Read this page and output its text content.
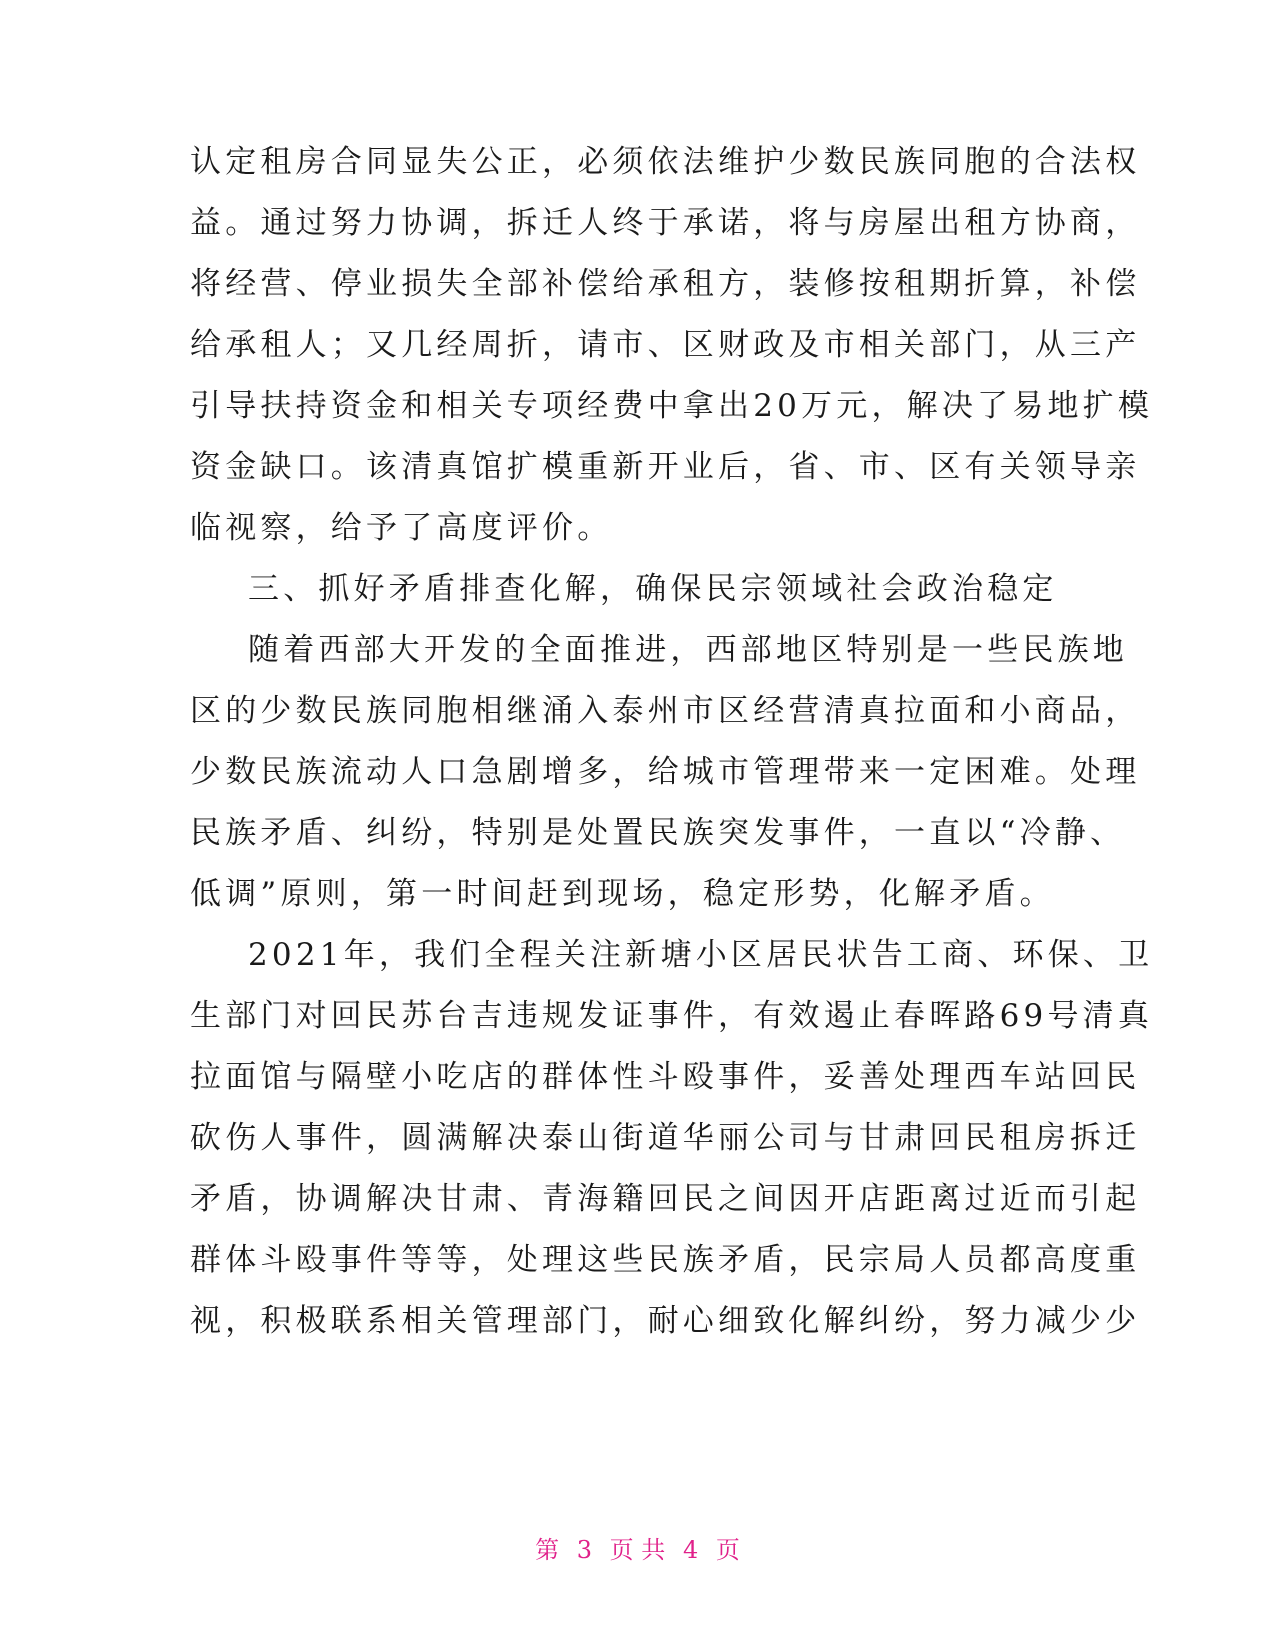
认定租房合同显失公正，必须依法维护少数民族同胞的合法权
益。通过努力协调，拆迁人终于承诺，将与房屋出租方协商，
将经营、停业损失全部补偿给承租方，装修按租期折算，补偿
给承租人；又几经周折，请市、区财政及市相关部门，从三产
引导扶持资金和相关专项经费中拿出20万元，解决了易地扩模
资金缺口。该清真馆扩模重新开业后，省、市、区有关领导亲
临视察，给予了高度评价。
三、抓好矛盾排查化解，确保民宗领域社会政治稳定
随着西部大开发的全面推进，西部地区特别是一些民族地
区的少数民族同胞相继涌入泰州市区经营清真拉面和小商品，
少数民族流动人口急剧增多，给城市管理带来一定困难。处理
民族矛盾、纠纷，特别是处置民族突发事件，一直以“冷静、
低调”原则，第一时间赶到现场，稳定形势，化解矛盾。
2021年，我们全程关注新塘小区居民状告工商、环保、卫
生部门对回民苏台吉违规发证事件，有效遏止春晖路69号清真
拉面馆与隔壁小吃店的群体性斗殴事件，妥善处理西车站回民
砍伤人事件，圆满解决泰山街道华丽公司与甘肃回民租房拆迁
矛盾，协调解决甘肃、青海籍回民之间因开店距离过近而引起
群体斗殴事件等等，处理这些民族矛盾，民宗局人员都高度重
视，积极联系相关管理部门，耐心细致化解纠纷，努力减少少
第 3 页 共 4 页
